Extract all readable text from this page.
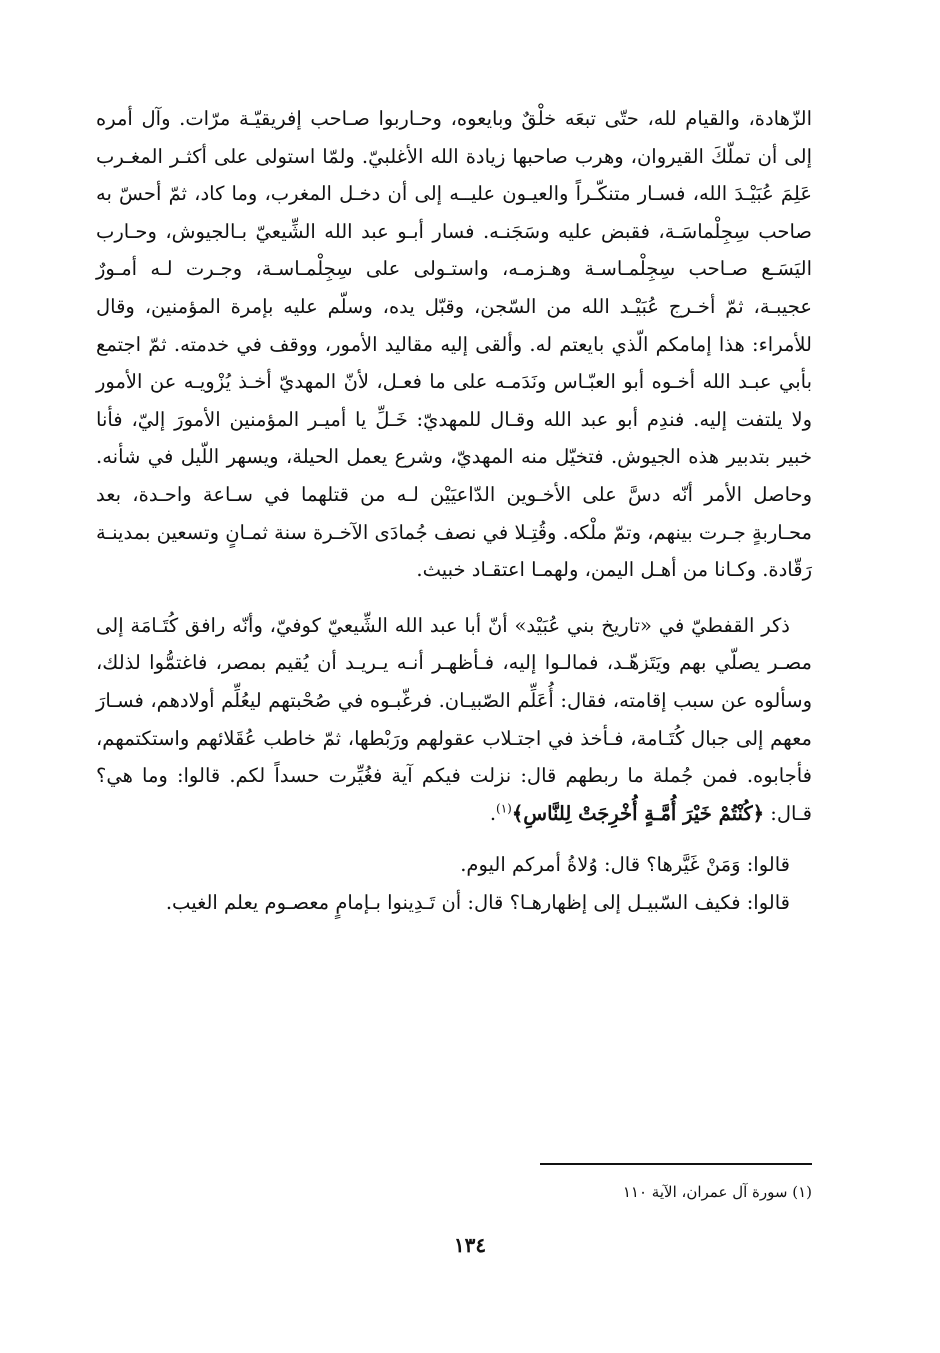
الزّهادة، والقيام لله، حتّى تبعَه خلْقٌ وبايعوه، وحـاربوا صـاحب إفريقيّـة مرّات. وآل أمره إلى أن تملّكَ القيروان، وهرب صاحبها زيادة الله الأغلبيّ. ولمّا استولى على أكثـر المغـرب عَلِمَ عُبَيْـدَ الله، فسـار متنكّـراً والعيـون عليــه إلى أن دخـل المغرب، وما كاد، ثمّ أحسّ به صاحب سِجِلْماسَـة، فقبض عليه وسَجَنـه. فسار أبـو عبد الله الشِّيعيّ بـالجيوش، وحـارب اليَسَـع صـاحب سِجِلْمـاسـة وهـزمـه، واستـولى على سِجِلْمـاسـة، وجـرت لـه أمـورٌ عجيبـة، ثمّ أخـرج عُبَيْـد الله من السّجن، وقبّل يده، وسلّم عليه بإمرة المؤمنين، وقال للأمراء: هذا إمامكم الّذي بايعتم له. وألقى إليه مقاليد الأمور، ووقف في خدمته. ثمّ اجتمع بأبي عبـد الله أخـوه أبو العبّـاس ونَدَمـه على ما فعـل، لأنّ المهديّ أخـذ يُزْويـه عن الأمور ولا يلتفت إليه. فندِم أبو عبد الله وقـال للمهديّ: خَـلِّ يا أميـر المؤمنين الأمورَ إليّ، فأنا خبير بتدبير هذه الجيوش. فتخيّل منه المهديّ، وشرع يعمل الحيلة، ويسهر اللّيل في شأنه. وحاصل الأمر أنّه دسَّ على الأخـوين الدّاعيَيْن لـه من قتلهما في سـاعة واحـدة، بعد محـاربةٍ جـرت بينهم، وتمّ ملْكه. وقُتِـلا في نصف جُمادَى الآخـرة سنة ثمـانٍ وتسعين بمدينـة رَقّادة. وكـانا من أهـل اليمن، ولهمـا اعتقـاد خبيث.

ذكر القفطيّ في «تاريخ بني عُبَيْد» أنّ أبا عبد الله الشِّيعيّ كوفيّ، وأنّه رافق كُتَـامَة إلى مصـر يصلّي بهم ويَتَزهّـد، فمالـوا إليه، فـأظهـر أنـه يـريـد أن يُقيم بمصر، فاغتمُّوا لذلك، وسألوه عن سبب إقامته، فقال: أُعَلِّم الصّبيـان. فرغّبـوه في صُحْبتهم ليعُلِّم أولادهم، فسـارَ معهم إلى جبال كُتَـامة، فـأخذ في اجتـلاب عقولهم ورَبْطها، ثمّ خاطب عُقَلائهم واستكتمهم، فأجابوه. فمن جُملة ما ربطهم قال: نزلت فيكم آية فغُيِّرت حسداً لكم. قالوا: وما هي؟ قـال: ﴿كُنْتُمْ خَيْرَ أُمَّـةٍ أُخْرِجَتْ لِلنَّاسِ﴾$^{(١)}$.

قالوا: وَمَنْ غَيَّرها؟ قال: وُلاةُ أمركم اليوم.

قالوا: فكيف السّبيـل إلى إظهارهـا؟ قال: أن تَـدِينوا بـإمامٍ معصـوم يعلم الغيب.

(١) سورة آل عمران، الآية ١١٠
١٣٤
